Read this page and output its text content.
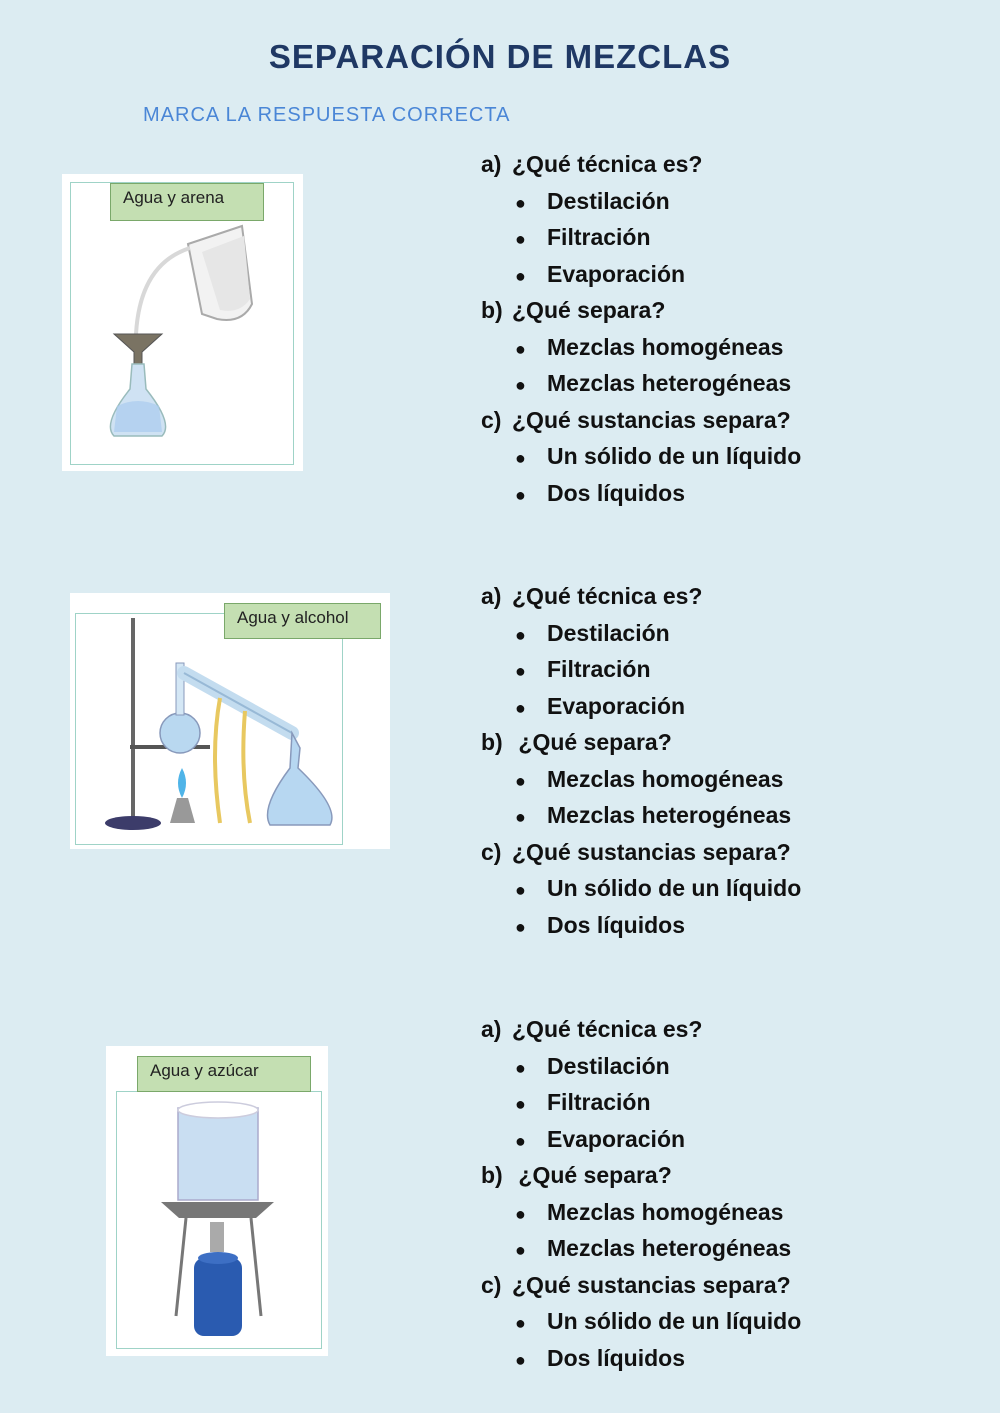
SEPARACIÓN DE MEZCLAS
MARCA LA RESPUESTA CORRECTA
Agua y arena
Agua y alcohol
Agua y azúcar
a) ¿Qué técnica es?
● Destilación
● Filtración
● Evaporación
b) ¿Qué separa?
● Mezclas homogéneas
● Mezclas heterogéneas
c) ¿Qué sustancias separa?
● Un sólido de un líquido
● Dos líquidos
a) ¿Qué técnica es?
● Destilación
● Filtración
● Evaporación
b) ¿Qué separa?
● Mezclas homogéneas
● Mezclas heterogéneas
c) ¿Qué sustancias separa?
● Un sólido de un líquido
● Dos líquidos
a) ¿Qué técnica es?
● Destilación
● Filtración
● Evaporación
b) ¿Qué separa?
● Mezclas homogéneas
● Mezclas heterogéneas
c) ¿Qué sustancias separa?
● Un sólido de un líquido
● Dos líquidos
